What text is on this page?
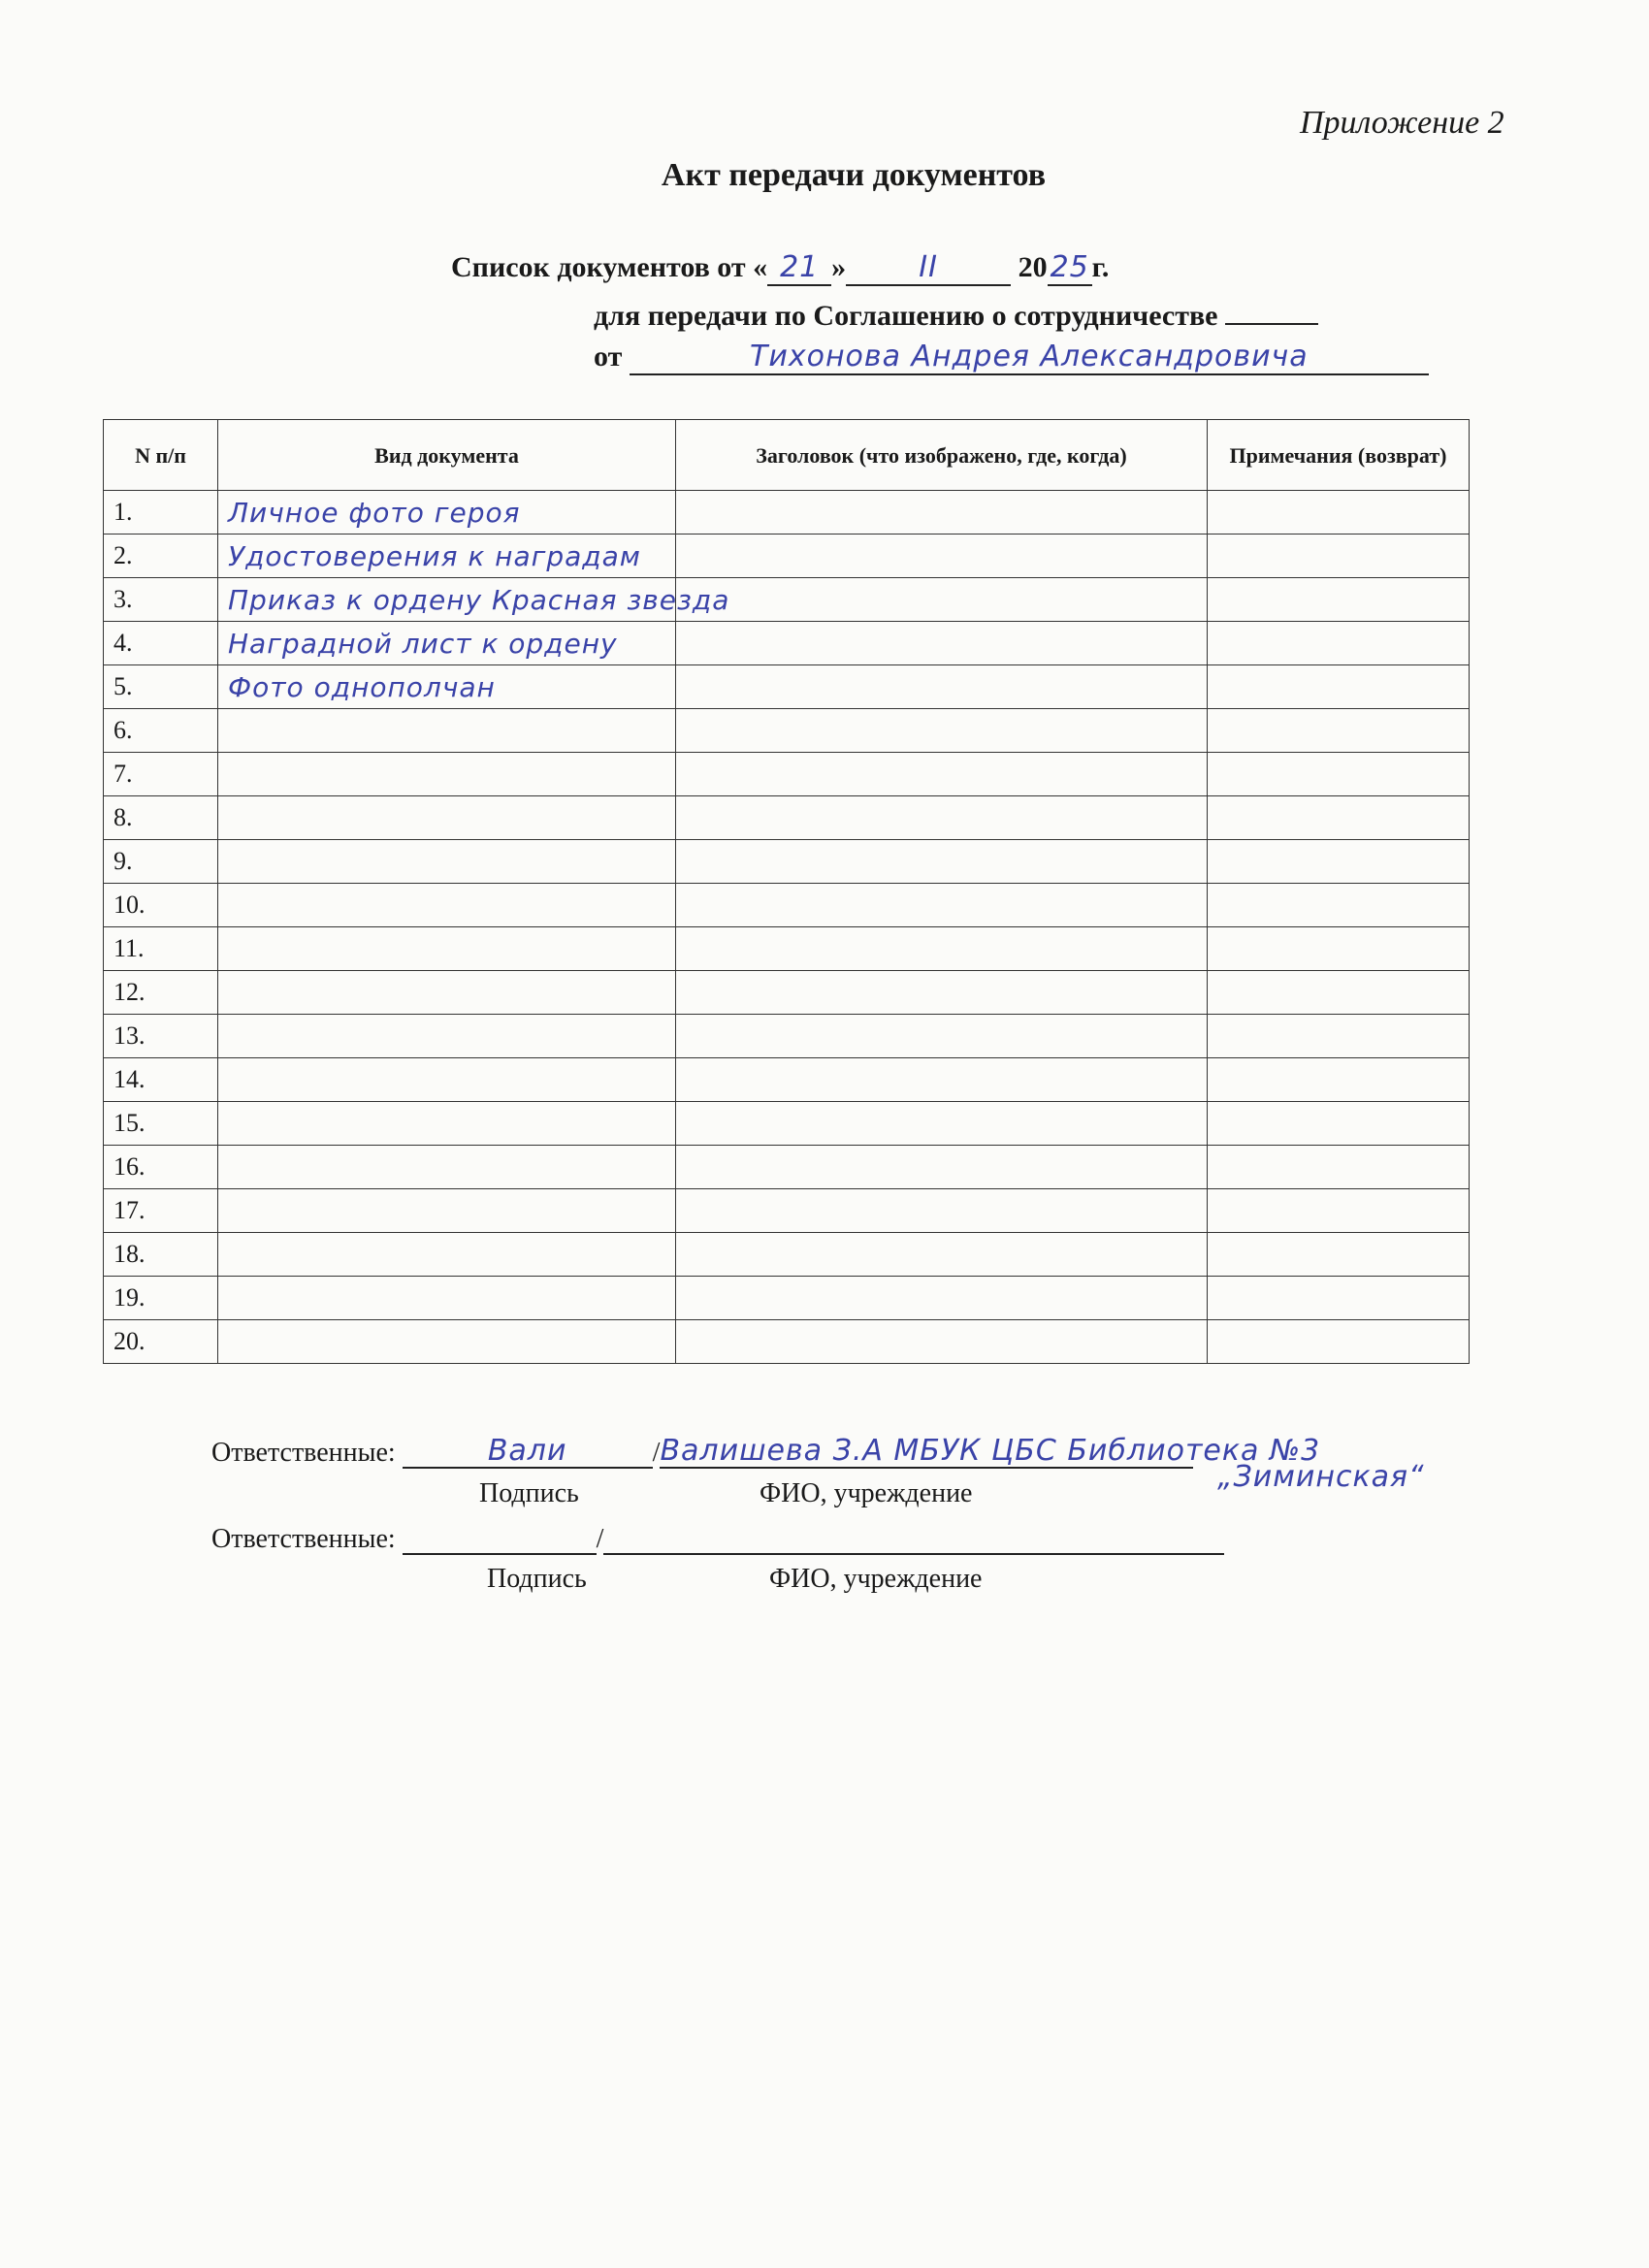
Приложение 2
Акт передачи документов
Список документов от « 21 »	II	2025г.
для передачи по Соглашению о сотрудничестве
от	Тихонова Андрея Александровича
N п/п	Вид документа	Заголовок (что изображено, где, когда)	Примечания (возврат)
1.	Личное фото героя		
2.	Удостоверения к наградам		
3.	Приказ к ордену Красная звезда		
4.	Наградной лист к ордену		
5.	Фото однополчан		
6.			
7.			
8.			
9.			
10.			
11.			
12.			
13.			
14.			
15.			
16.			
17.			
18.			
19.			
20.			
Ответственные:	Вали	/Валишева З.А МБУК ЦБС Библиотека №3
„Зиминская“
Подпись	ФИО, учреждение
Ответственные:	/
Подпись	ФИО, учреждение
